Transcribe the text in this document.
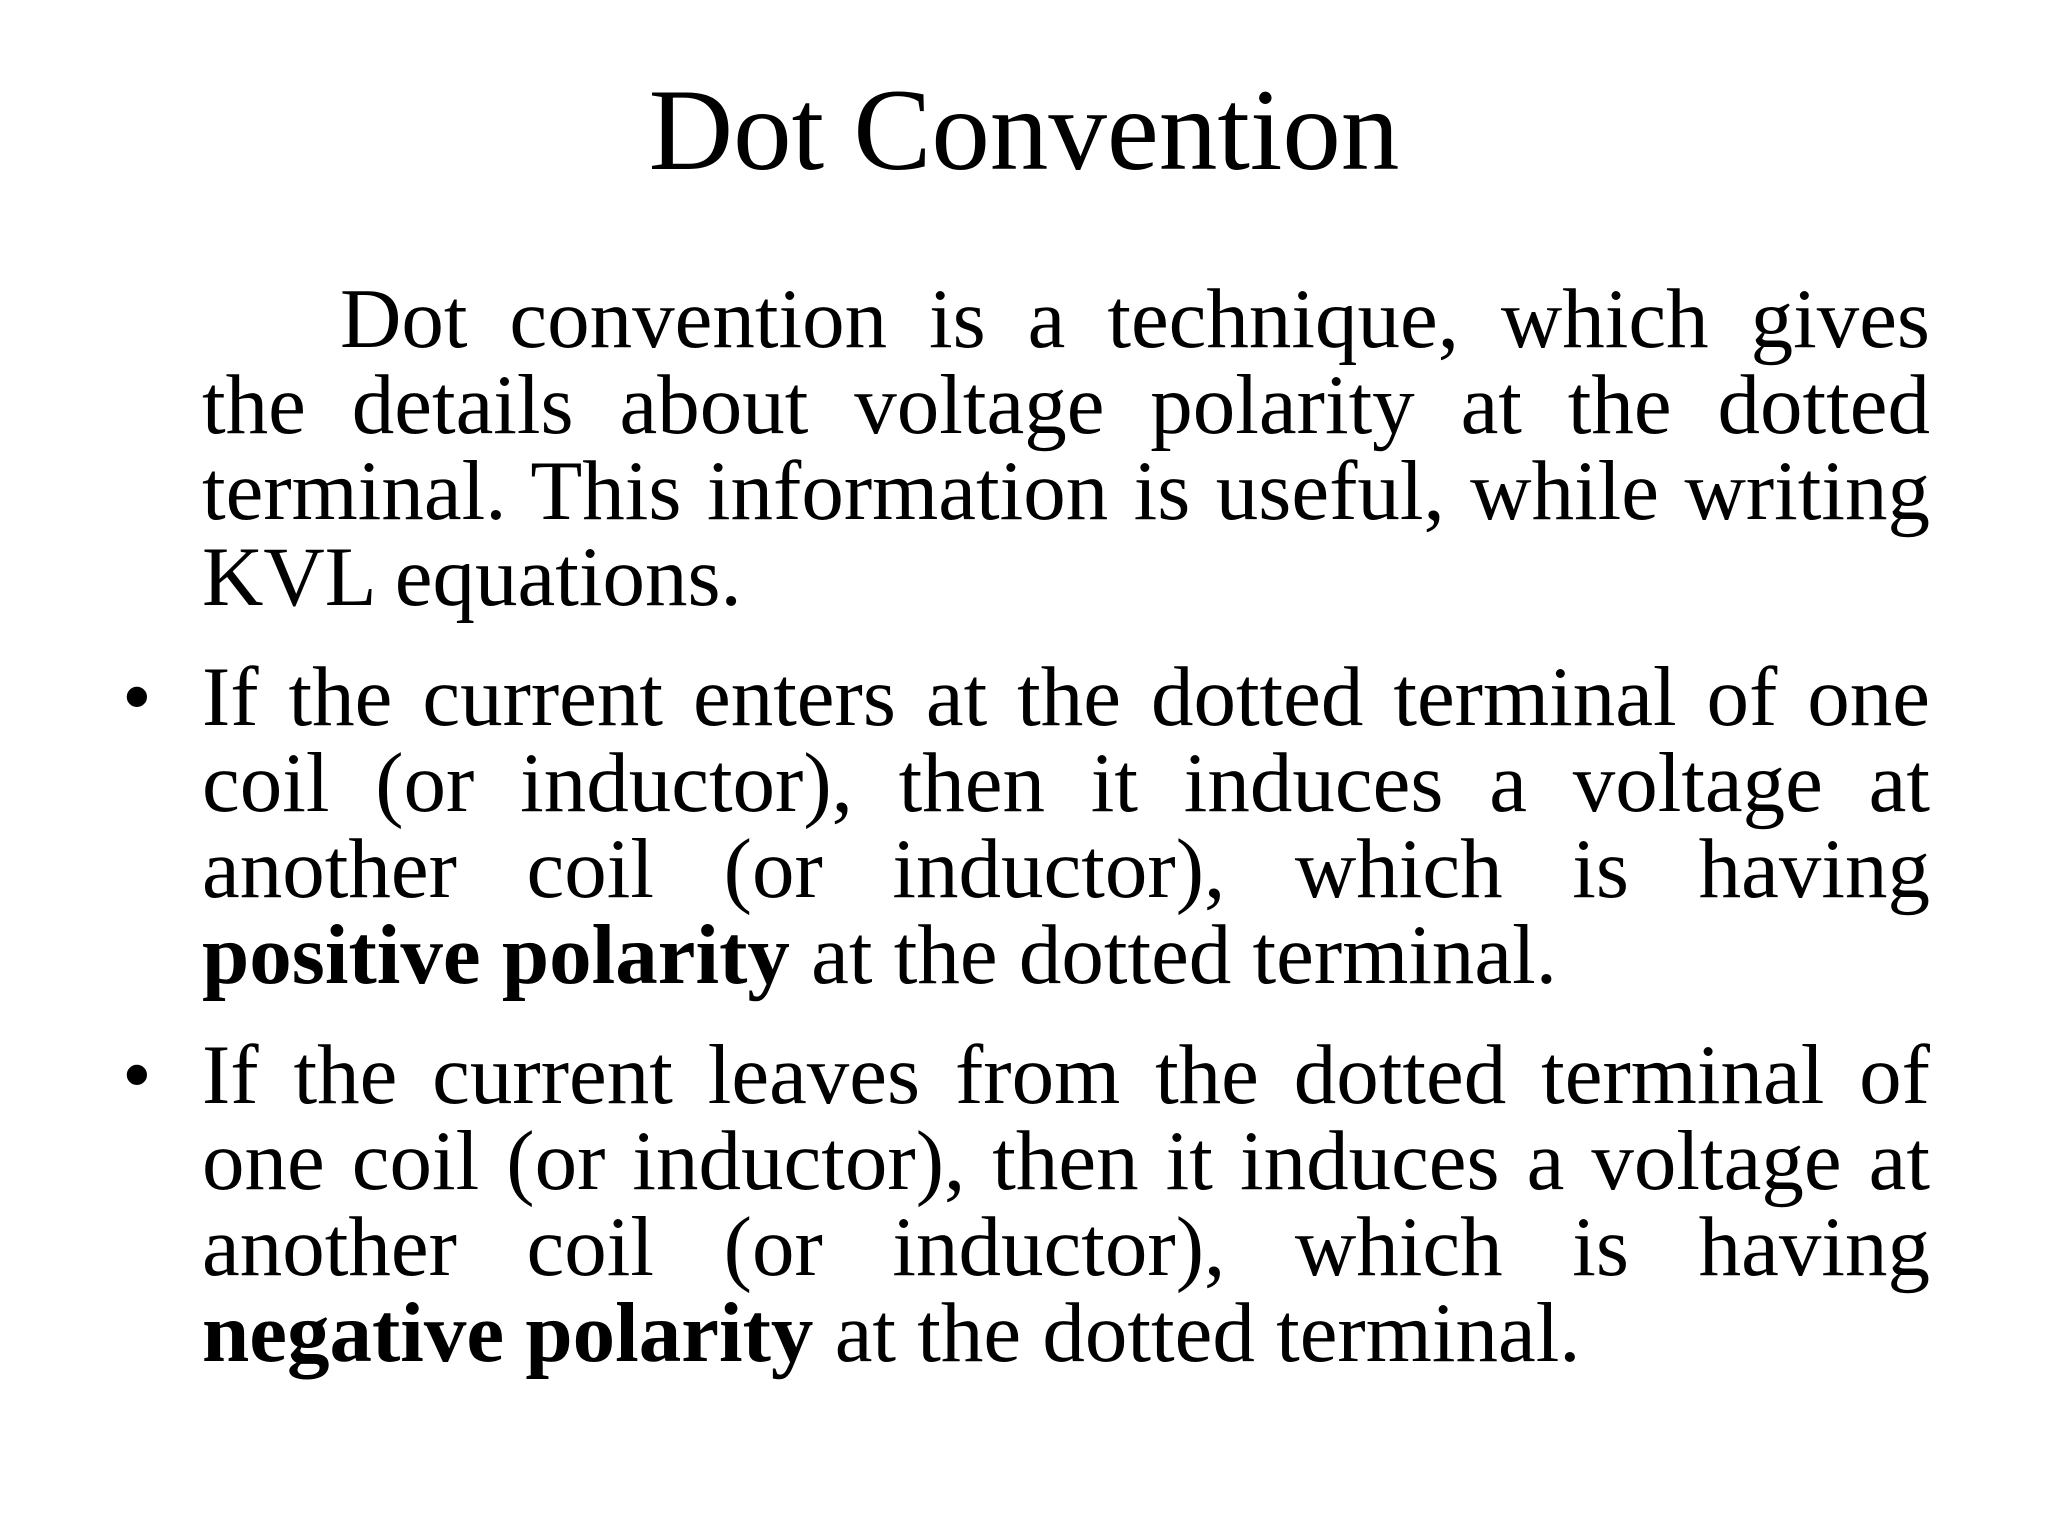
Dot Convention

Dot convention is a technique, which gives the details about voltage polarity at the dotted terminal. This information is useful, while writing KVL equations.

• If the current enters at the dotted terminal of one coil (or inductor), then it induces a voltage at another coil (or inductor), which is having positive polarity at the dotted terminal.
• If the current leaves from the dotted terminal of one coil (or inductor), then it induces a voltage at another coil (or inductor), which is having negative polarity at the dotted terminal.
